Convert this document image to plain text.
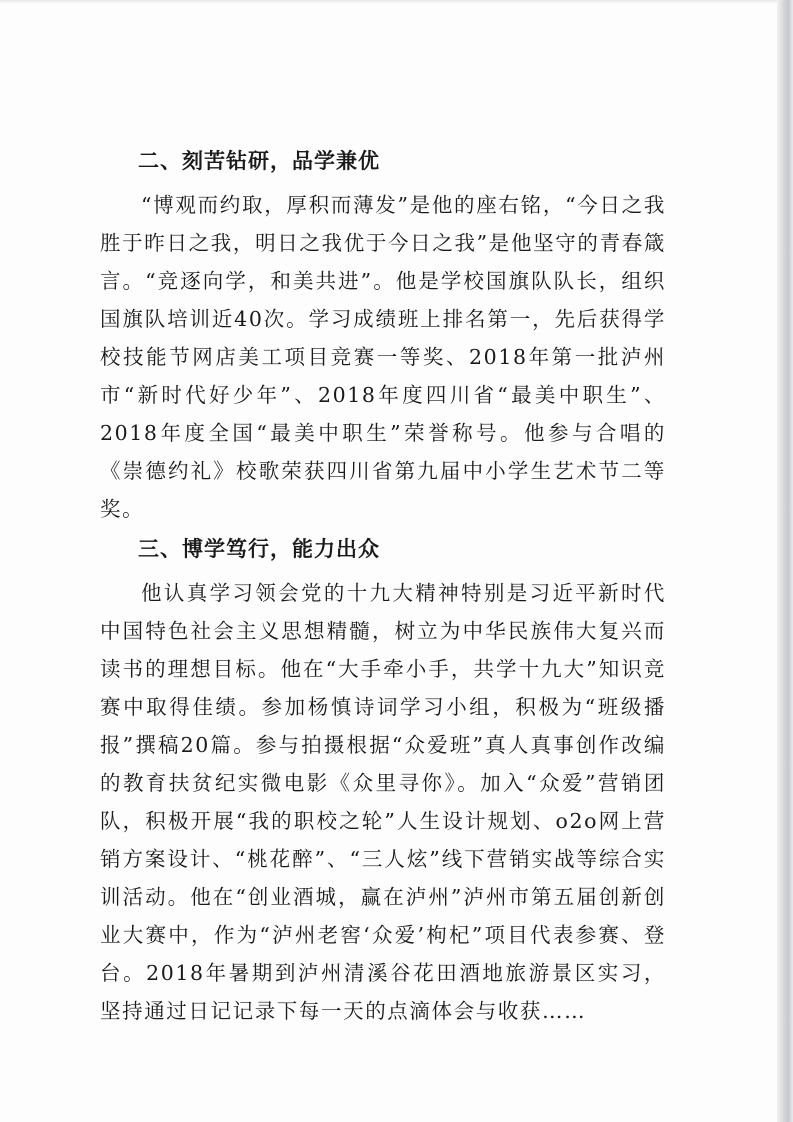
二、刻苦钻研，品学兼优

“博观而约取，厚积而薄发”是他的座右铭，“今日之我胜于昨日之我，明日之我优于今日之我”是他坚守的青春箴言。“竞逐向学，和美共进”。他是学校国旗队队长，组织国旗队培训近40次。学习成绩班上排名第一，先后获得学校技能节网店美工项目竞赛一等奖、2018年第一批泸州市“新时代好少年”、2018年度四川省“最美中职生”、2018年度全国“最美中职生”荣誉称号。他参与合唱的《崇德约礼》校歌荣获四川省第九届中小学生艺术节二等奖。

三、博学笃行，能力出众

他认真学习领会党的十九大精神特别是习近平新时代中国特色社会主义思想精髓，树立为中华民族伟大复兴而读书的理想目标。他在“大手牵小手，共学十九大”知识竞赛中取得佳绩。参加杨慎诗词学习小组，积极为“班级播报”撰稿20篇。参与拍摄根据“众爱班”真人真事创作改编的教育扶贫纪实微电影《众里寻你》。加入“众爱”营销团队，积极开展“我的职校之轮”人生设计规划、o2o网上营销方案设计、“桃花醉”、“三人炫”线下营销实战等综合实训活动。他在“创业酒城，赢在泸州”泸州市第五届创新创业大赛中，作为“泸州老窖‘众爱’枸杞”项目代表参赛、登台。2018年暑期到泸州清溪谷花田酒地旅游景区实习，坚持通过日记记录下每一天的点滴体会与收获……
